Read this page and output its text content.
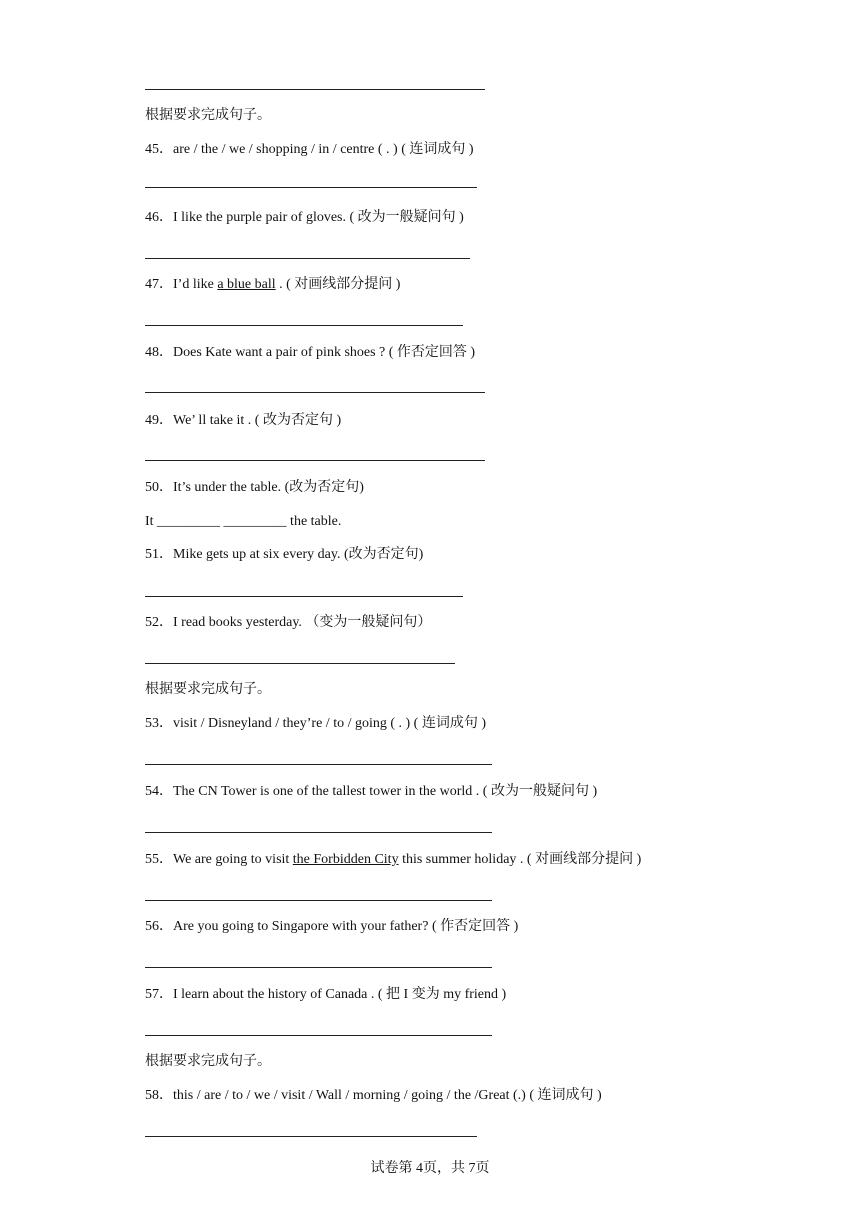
根据要求完成句子。
45．are / the / we / shopping / in / centre ( . ) ( 连词成句 )
46．I like the purple pair of gloves. ( 改为一般疑问句 )
47．I’d like a blue ball . ( 对画线部分提问 )
48．Does Kate want a pair of pink shoes ? ( 作否定回答 )
49．We’ ll take it . ( 改为否定句 )
50．It’s under the table. (改为否定句)
It _________ _________ the table.
51．Mike gets up at six every day. (改为否定句)
52．I read books yesterday. （变为一般疑问句）
根据要求完成句子。
53．visit / Disneyland / they’re / to / going ( . ) ( 连词成句 )
54．The CN Tower is one of the tallest tower in the world . ( 改为一般疑问句 )
55．We are going to visit the Forbidden City this summer holiday . ( 对画线部分提问 )
56．Are you going to Singapore with your father? ( 作否定回答 )
57．I learn about the history of Canada . ( 把 I 变为 my friend )
根据要求完成句子。
58．this / are / to / we / visit / Wall / morning / going / the /Great (.) ( 连词成句 )
试卷第 4页，共 7页
